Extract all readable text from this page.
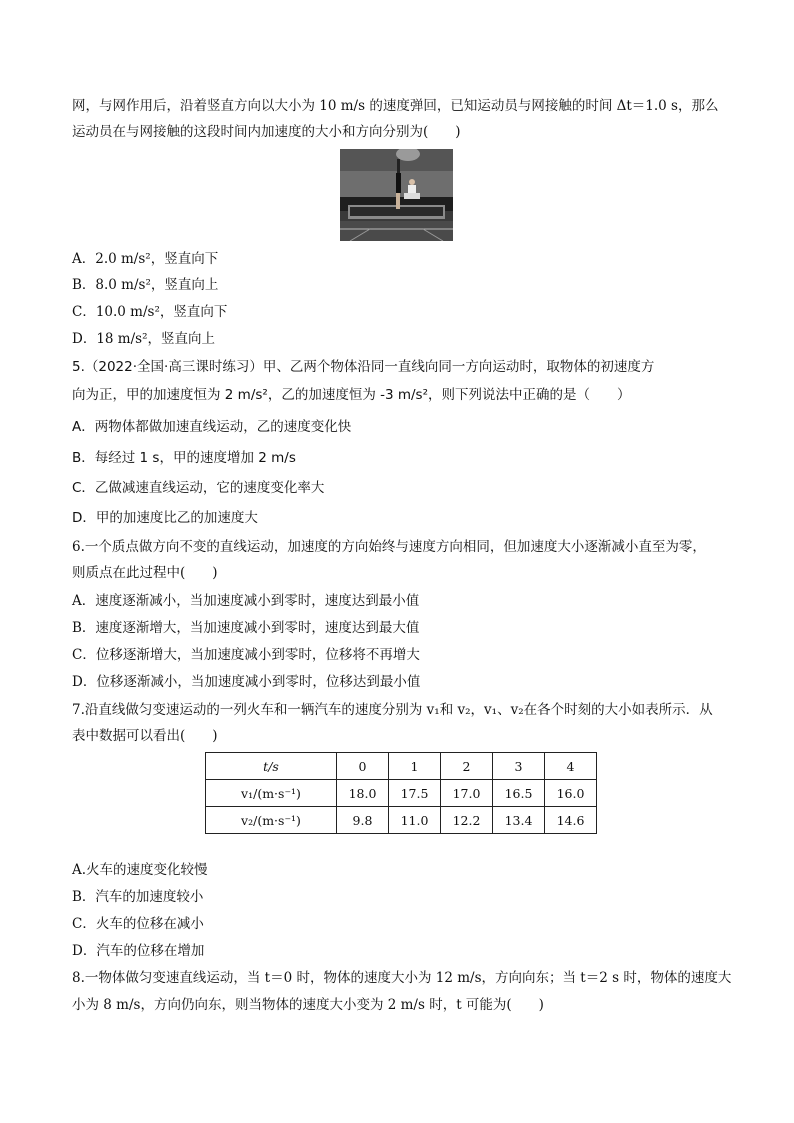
网，与网作用后，沿着竖直方向以大小为 10 m/s 的速度弹回，已知运动员与网接触的时间 Δt＝1.0 s，那么
运动员在与网接触的这段时间内加速度的大小和方向分别为(　　)
A．2.0 m/s²，竖直向下
B．8.0 m/s²，竖直向上
C．10.0 m/s²，竖直向下
D．18 m/s²，竖直向上
5.（2022·全国·高三课时练习）甲、乙两个物体沿同一直线向同一方向运动时，取物体的初速度方
向为正，甲的加速度恒为 2 m/s²，乙的加速度恒为 -3 m/s²，则下列说法中正确的是（　　）
A．两物体都做加速直线运动，乙的速度变化快
B．每经过 1 s，甲的速度增加 2 m/s
C．乙做减速直线运动，它的速度变化率大
D．甲的加速度比乙的加速度大
6.一个质点做方向不变的直线运动，加速度的方向始终与速度方向相同，但加速度大小逐渐减小直至为零，
则质点在此过程中(　　)
A．速度逐渐减小，当加速度减小到零时，速度达到最小值
B．速度逐渐增大，当加速度减小到零时，速度达到最大值
C．位移逐渐增大，当加速度减小到零时，位移将不再增大
D．位移逐渐减小，当加速度减小到零时，位移达到最小值
7.沿直线做匀变速运动的一列火车和一辆汽车的速度分别为 v₁和 v₂，v₁、v₂在各个时刻的大小如表所示．从
表中数据可以看出(　　)
t/s	0	1	2	3	4
v₁/(m·s⁻¹)	18.0	17.5	17.0	16.5	16.0
v₂/(m·s⁻¹)	9.8	11.0	12.2	13.4	14.6
A.火车的速度变化较慢
B．汽车的加速度较小
C．火车的位移在减小
D．汽车的位移在增加
8.一物体做匀变速直线运动，当 t＝0 时，物体的速度大小为 12 m/s，方向向东；当 t＝2 s 时，物体的速度大
小为 8 m/s，方向仍向东，则当物体的速度大小变为 2 m/s 时，t 可能为(　　)
